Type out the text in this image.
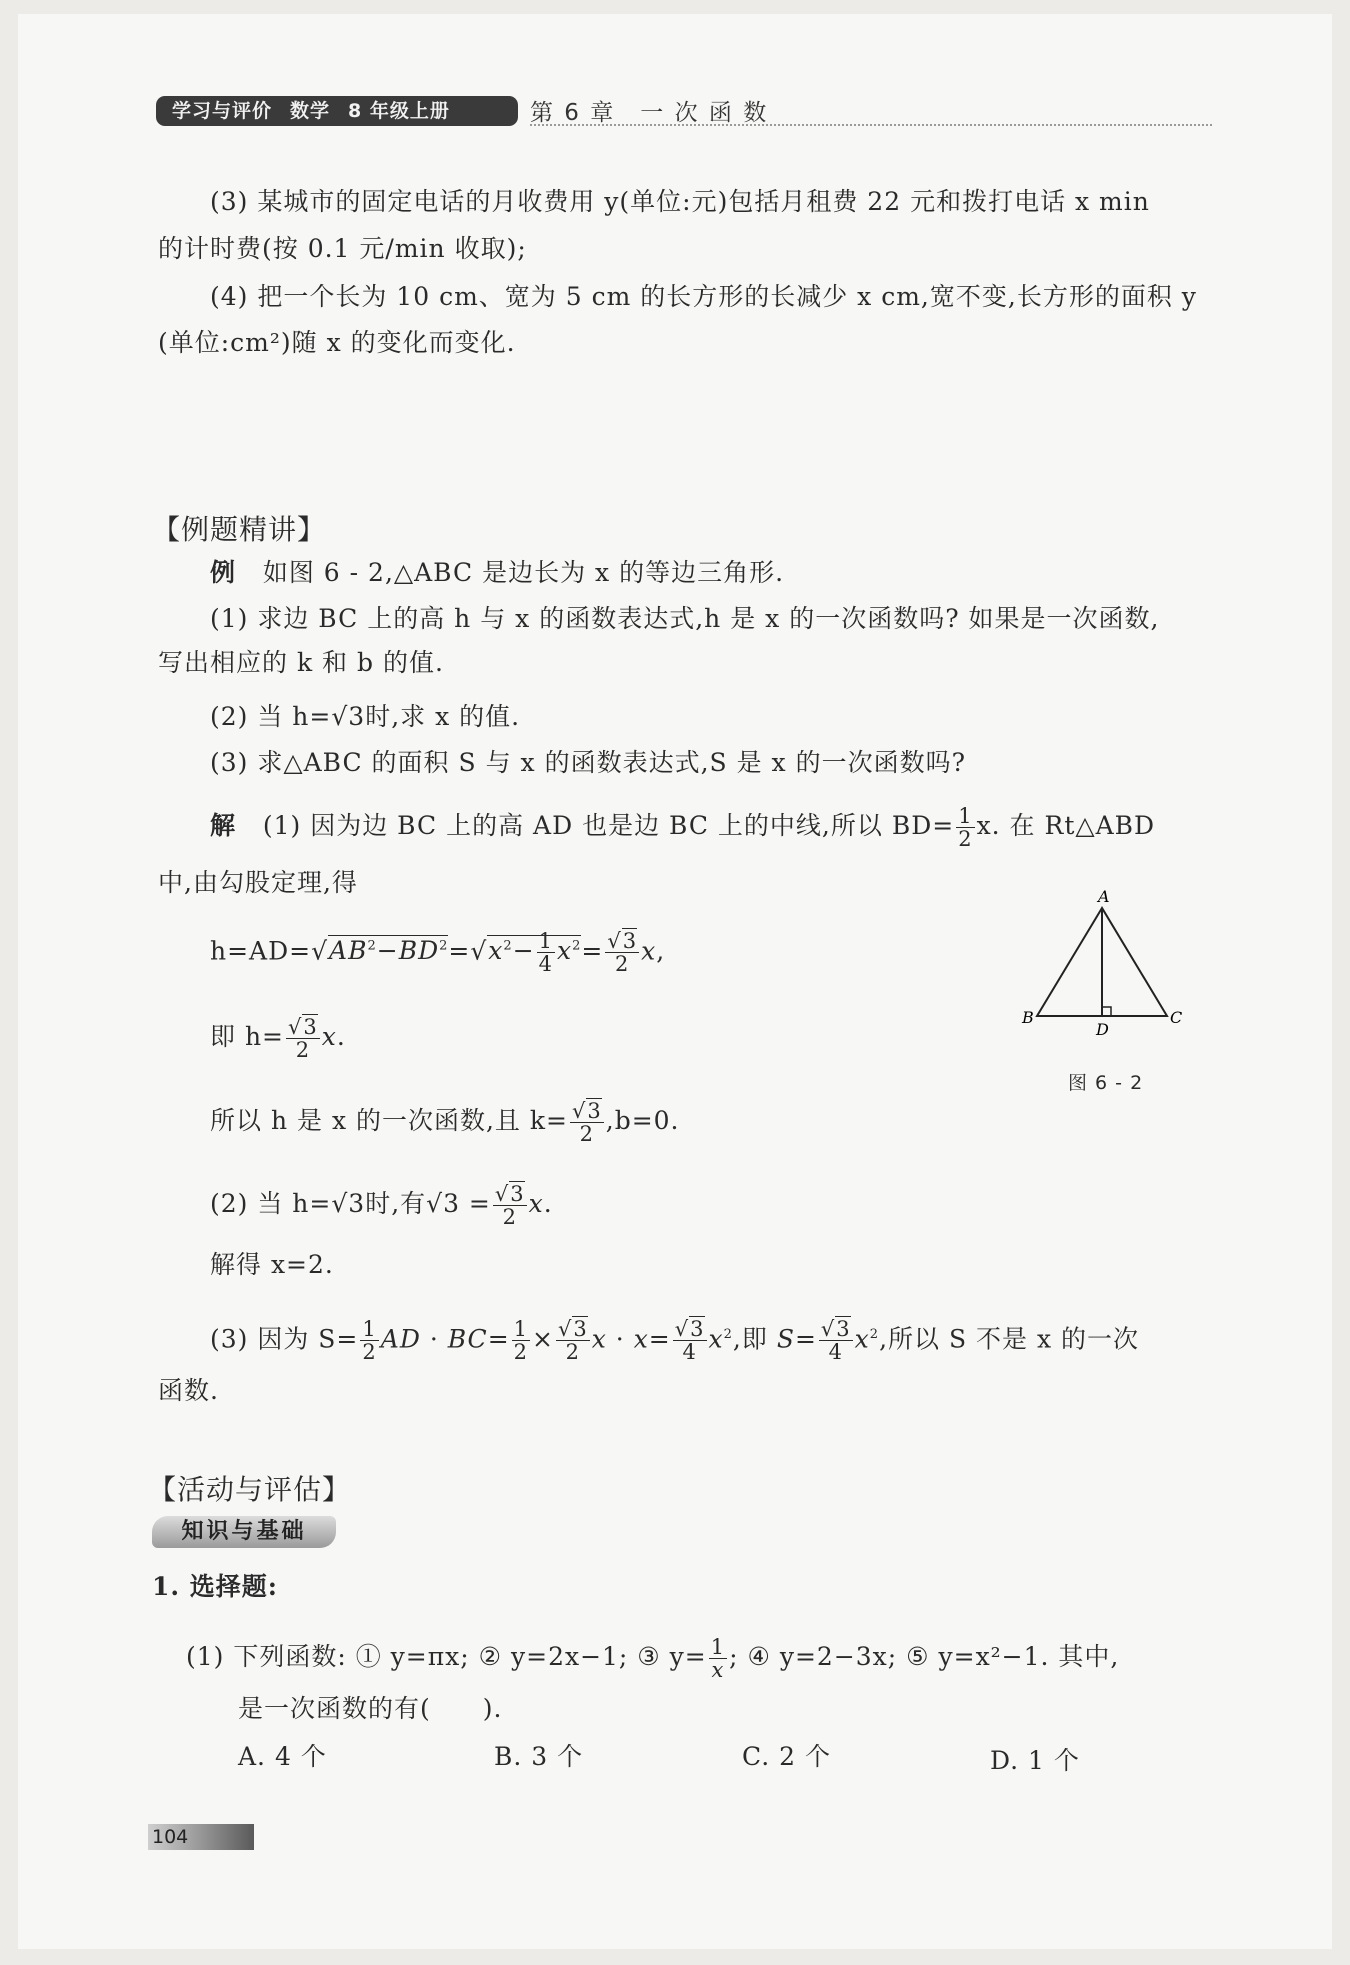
学习与评价 数学 8 年级上册	第 6 章　一 次 函 数
(3) 某城市的固定电话的月收费用 y(单位:元)包括月租费 22 元和拨打电话 x min
的计时费(按 0.1 元/min 收取);
(4) 把一个长为 10 cm、宽为 5 cm 的长方形的长减少 x cm,宽不变,长方形的面积 y
(单位:cm²)随 x 的变化而变化.
【例题精讲】
例 如图 6 - 2,△ABC 是边长为 x 的等边三角形.
(1) 求边 BC 上的高 h 与 x 的函数表达式,h 是 x 的一次函数吗? 如果是一次函数,
写出相应的 k 和 b 的值.
(2) 当 h=√3时,求 x 的值.
(3) 求△ABC 的面积 S 与 x 的函数表达式,S 是 x 的一次函数吗?
解 (1) 因为边 BC 上的高 AD 也是边 BC 上的中线,所以 $BD= \frac{1}{2} x$. 在 Rt△ABD
中,由勾股定理,得
$h=AD=√AB^2-BD^2=√x^2- \frac{1}{4} x^2= \frac{√3}{2} x$,
即 $h= \frac{√3}{2} x$.
所以 h 是 x 的一次函数,且 $k= \frac{√3}{2} ,b=0$.
(2) 当 h=√3时,有$√3 = \frac{√3}{2} x$.
解得 x=2.
(3) 因为 $S= \frac{1}{2}$ AD · $BC= \frac{1}{2} \times \frac{√3}{2}$ $x \cdot x= \frac{√3}{4} x^2$,即 $S= \frac{√3}{4} x^2$,所以 S 不是 x 的一次
函数.
A
B	C
D
图 6 - 2
【活动与评估】
知识与基础
1. 选择题:
(1) 下列函数: ① y=πx; ② y=2x−1; ③ $y= \frac{1}{x}$ ; ④ y=2−3x; ⑤ y=x²−1. 其中,
是一次函数的有(　　).
A. 4 个	B. 3 个	C. 2 个	D. 1 个
104
